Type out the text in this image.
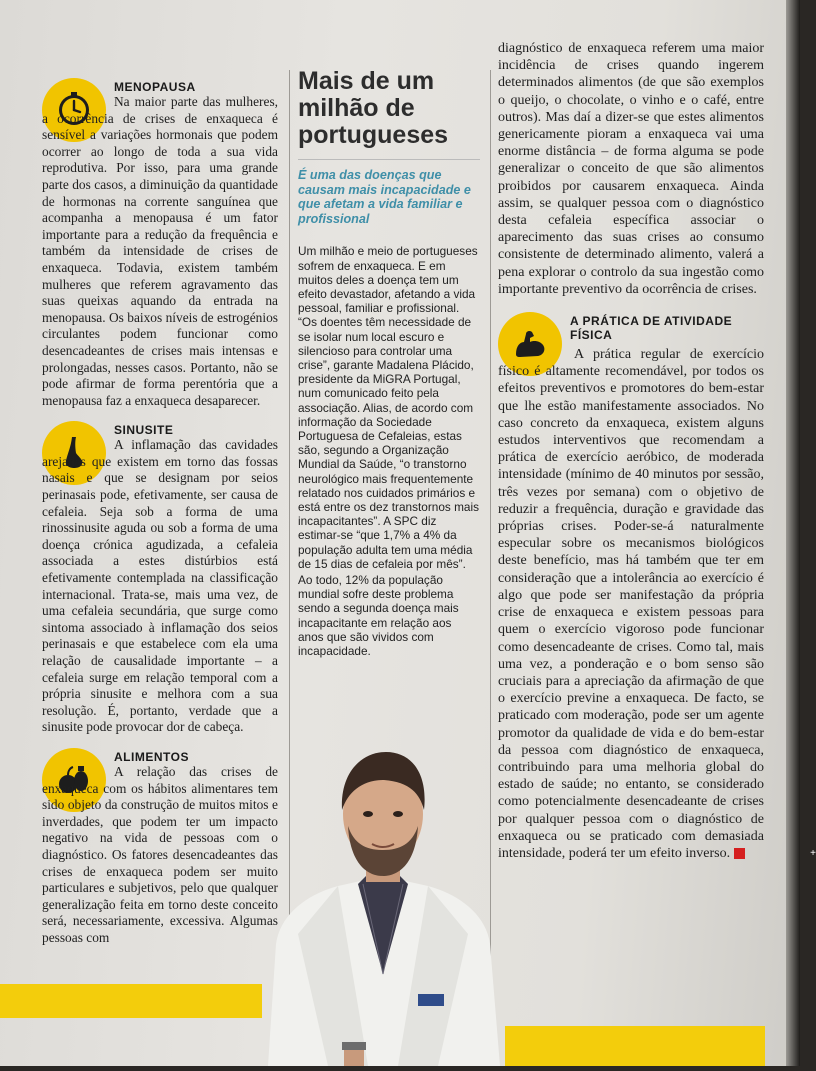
MENOPAUSA

Na maior parte das mulheres, a ocorrência de crises de enxaqueca é sensível a variações hormonais que podem ocorrer ao longo de toda a sua vida reprodutiva. Por isso, para uma grande parte dos casos, a diminuição da quantidade de hormonas na corrente sanguínea que acompanha a menopausa é um fator importante para a redução da frequência e também da intensidade de crises de enxaqueca. Todavia, existem também mulheres que referem agravamento das suas queixas aquando da entrada na menopausa. Os baixos níveis de estrogénios circulantes podem funcionar como desencadeantes de crises mais intensas e prolongadas, nesses casos. Portanto, não se pode afirmar de forma perentória que a menopausa faz a enxaqueca desaparecer.

SINUSITE

A inflamação das cavidades arejadas que existem em torno das fossas nasais e que se designam por seios perinasais pode, efetivamente, ser causa de cefaleia. Seja sob a forma de uma rinossinusite aguda ou sob a forma de uma doença crónica agudizada, a cefaleia associada a estes distúrbios está efetivamente contemplada na classificação internacional. Trata-se, mais uma vez, de uma cefaleia secundária, que surge como sintoma associado à inflamação dos seios perinasais e que estabelece com ela uma relação de causalidade importante – a cefaleia surge em relação temporal com a própria sinusite e melhora com a sua resolução. É, portanto, verdade que a sinusite pode provocar dor de cabeça.

ALIMENTOS

A relação das crises de enxaqueca com os hábitos alimentares tem sido objeto da construção de muitos mitos e inverdades, que podem ter um impacto negativo na vida de pessoas com o diagnóstico. Os fatores desencadeantes das crises de enxaqueca podem ser muito particulares e subjetivos, pelo que qualquer generalização feita em torno deste conceito será, necessariamente, excessiva. Algumas pessoas com

Mais de um milhão de portugueses

É uma das doenças que causam mais incapacidade e que afetam a vida familiar e profissional

Um milhão e meio de portugueses sofrem de enxaqueca. E em muitos deles a doença tem um efeito devastador, afetando a vida pessoal, familiar e profissional. “Os doentes têm necessidade de se isolar num local escuro e silencioso para controlar uma crise”, garante Madalena Plácido, presidente da MiGRA Portugal, num comunicado feito pela associação. Alias, de acordo com informação da Sociedade Portuguesa de Cefaleias, estas são, segundo a Organização Mundial da Saúde, “o transtorno neurológico mais frequentemente relatado nos cuidados primários e está entre os dez transtornos mais incapacitantes”. A SPC diz estimar-se “que 1,7% a 4% da população adulta tem uma média de 15 dias de cefaleia por mês”.

Ao todo, 12% da população mundial sofre deste problema sendo a segunda doença mais incapacitante em relação aos anos que são vividos com incapacidade.

diagnóstico de enxaqueca referem uma maior incidência de crises quando ingerem determinados alimentos (de que são exemplos o queijo, o chocolate, o vinho e o café, entre outros). Mas daí a dizer-se que estes alimentos genericamente pioram a enxaqueca vai uma enorme distância – de forma alguma se pode generalizar o conceito de que são alimentos proibidos por causarem enxaqueca. Ainda assim, se qualquer pessoa com o diagnóstico desta cefaleia específica associar o aparecimento das suas crises ao consumo consistente de determinado alimento, valerá a pena explorar o controlo da sua ingestão como importante preventivo da ocorrência de crises.

A PRÁTICA DE ATIVIDADE FÍSICA

A prática regular de exercício físico é altamente recomendável, por todos os efeitos preventivos e promotores do bem-estar que lhe estão manifestamente associados. No caso concreto da enxaqueca, existem alguns estudos interventivos que recomendam a prática de exercício aeróbico, de moderada intensidade (mínimo de 40 minutos por sessão, três vezes por semana) com o objetivo de reduzir a frequência, duração e gravidade das próprias crises. Poder-se-á naturalmente especular sobre os mecanismos biológicos deste benefício, mas há também que ter em consideração que a intolerância ao exercício é algo que pode ser manifestação da própria crise de enxaqueca e existem pessoas para quem o exercício vigoroso pode funcionar como desencadeante de crises. Como tal, mais uma vez, a ponderação e o bom senso são cruciais para a apreciação da afirmação de que o exercício previne a enxaqueca. De facto, se praticado com moderação, pode ser um agente promotor da qualidade de vida e do bem-estar da pessoa com diagnóstico de enxaqueca, contribuindo para uma melhoria global do estado de saúde; no entanto, se considerado como potencialmente desencadeante de crises por qualquer pessoa com o diagnóstico de enxaqueca ou se praticado com demasiada intensidade, poderá ter um efeito inverso.	+
